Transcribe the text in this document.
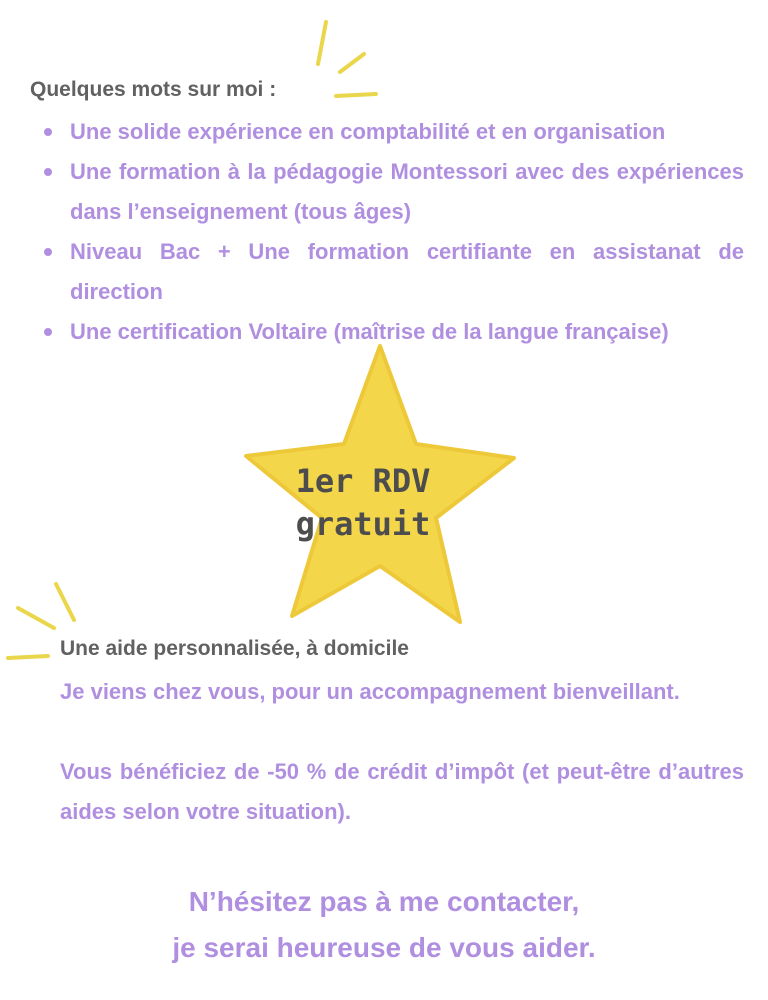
Quelques mots sur moi :
Une solide expérience en comptabilité et en organisation
Une formation à la pédagogie Montessori avec des expériences dans l’enseignement (tous âges)
Niveau Bac + Une formation certifiante en assistanat de direction
Une certification Voltaire (maîtrise de la langue française)
1er RDV
gratuit
Une aide personnalisée, à domicile

Je viens chez vous, pour un accompagnement bienveillant.

Vous bénéficiez de -50 % de crédit d’impôt (et peut-être d’autres aides selon votre situation).

N’hésitez pas à me contacter,

je serai heureuse de vous aider.
